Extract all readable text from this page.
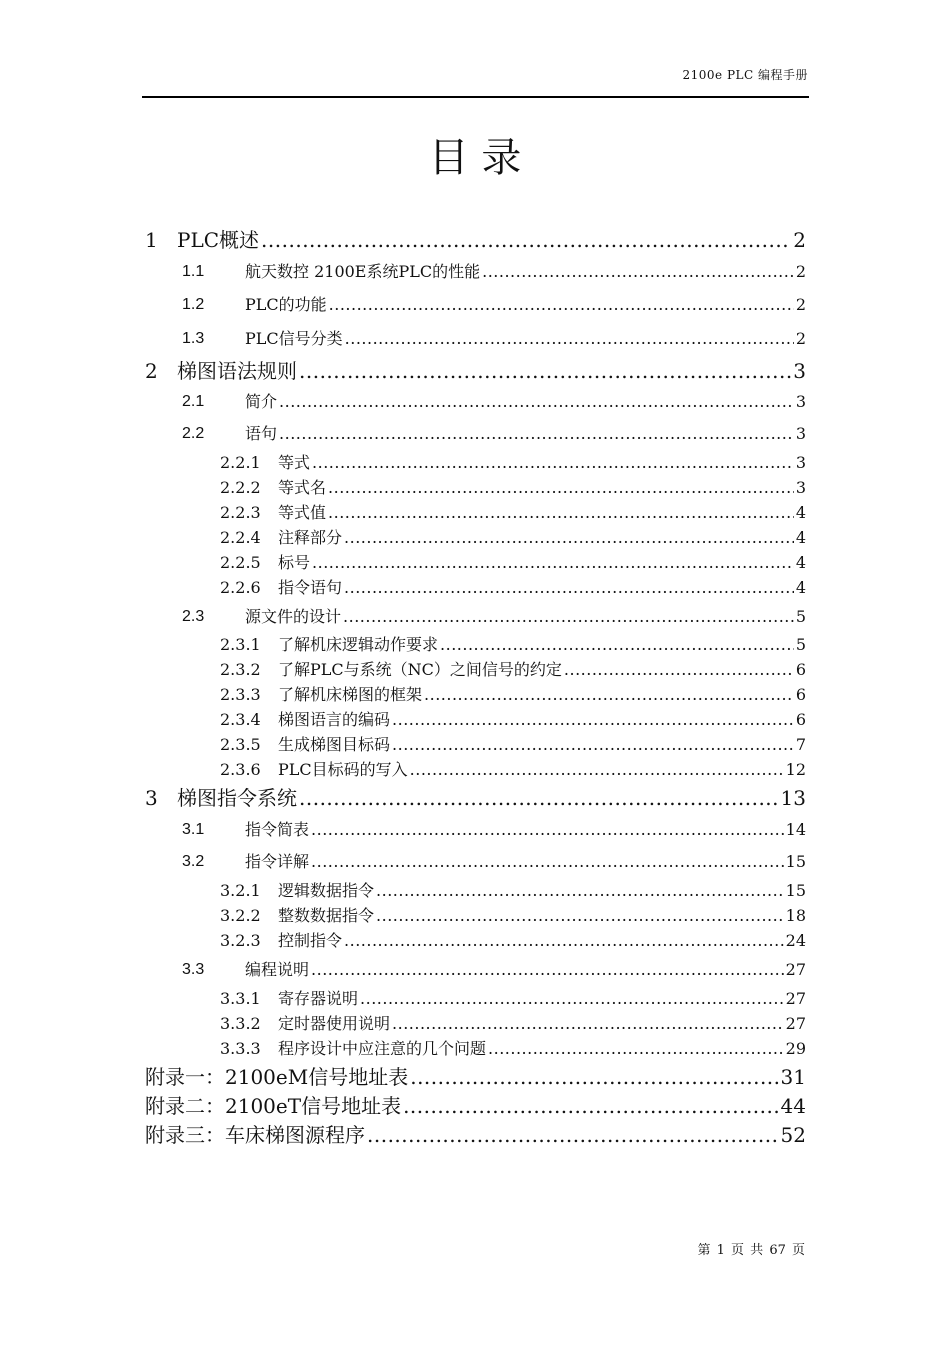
2100e PLC 编程手册
目 录
1 PLC概述 .....	2
1.1	航天数控 2100E系统PLC的性能 .....	2
1.2	PLC的功能 .....	2
1.3	PLC信号分类 .....	2
2 梯图语法规则 .....	3
2.1	简介 .....	3
2.2	语句 .....	3
2.2.1	等式 .....	3
2.2.2	等式名 .....	3
2.2.3	等式值 .....	4
2.2.4	注释部分 .....	4
2.2.5	标号 .....	4
2.2.6	指令语句 .....	4
2.3	源文件的设计 .....	5
2.3.1	了解机床逻辑动作要求 .....	5
2.3.2	了解PLC与系统（NC）之间信号的约定 .....	6
2.3.3	了解机床梯图的框架 .....	6
2.3.4	梯图语言的编码 .....	6
2.3.5	生成梯图目标码 .....	7
2.3.6	PLC目标码的写入 .....	12
3 梯图指令系统 .....	13
3.1	指令简表 .....	14
3.2	指令详解 .....	15
3.2.1	逻辑数据指令 .....	15
3.2.2	整数数据指令 .....	18
3.2.3	控制指令 .....	24
3.3	编程说明 .....	27
3.3.1	寄存器说明 .....	27
3.3.2	定时器使用说明 .....	27
3.3.3	程序设计中应注意的几个问题 .....	29
附录一：2100eM信号地址表 .....	31
附录二：2100eT信号地址表 .....	44
附录三：车床梯图源程序 .....	52
第 1 页 共 67 页
